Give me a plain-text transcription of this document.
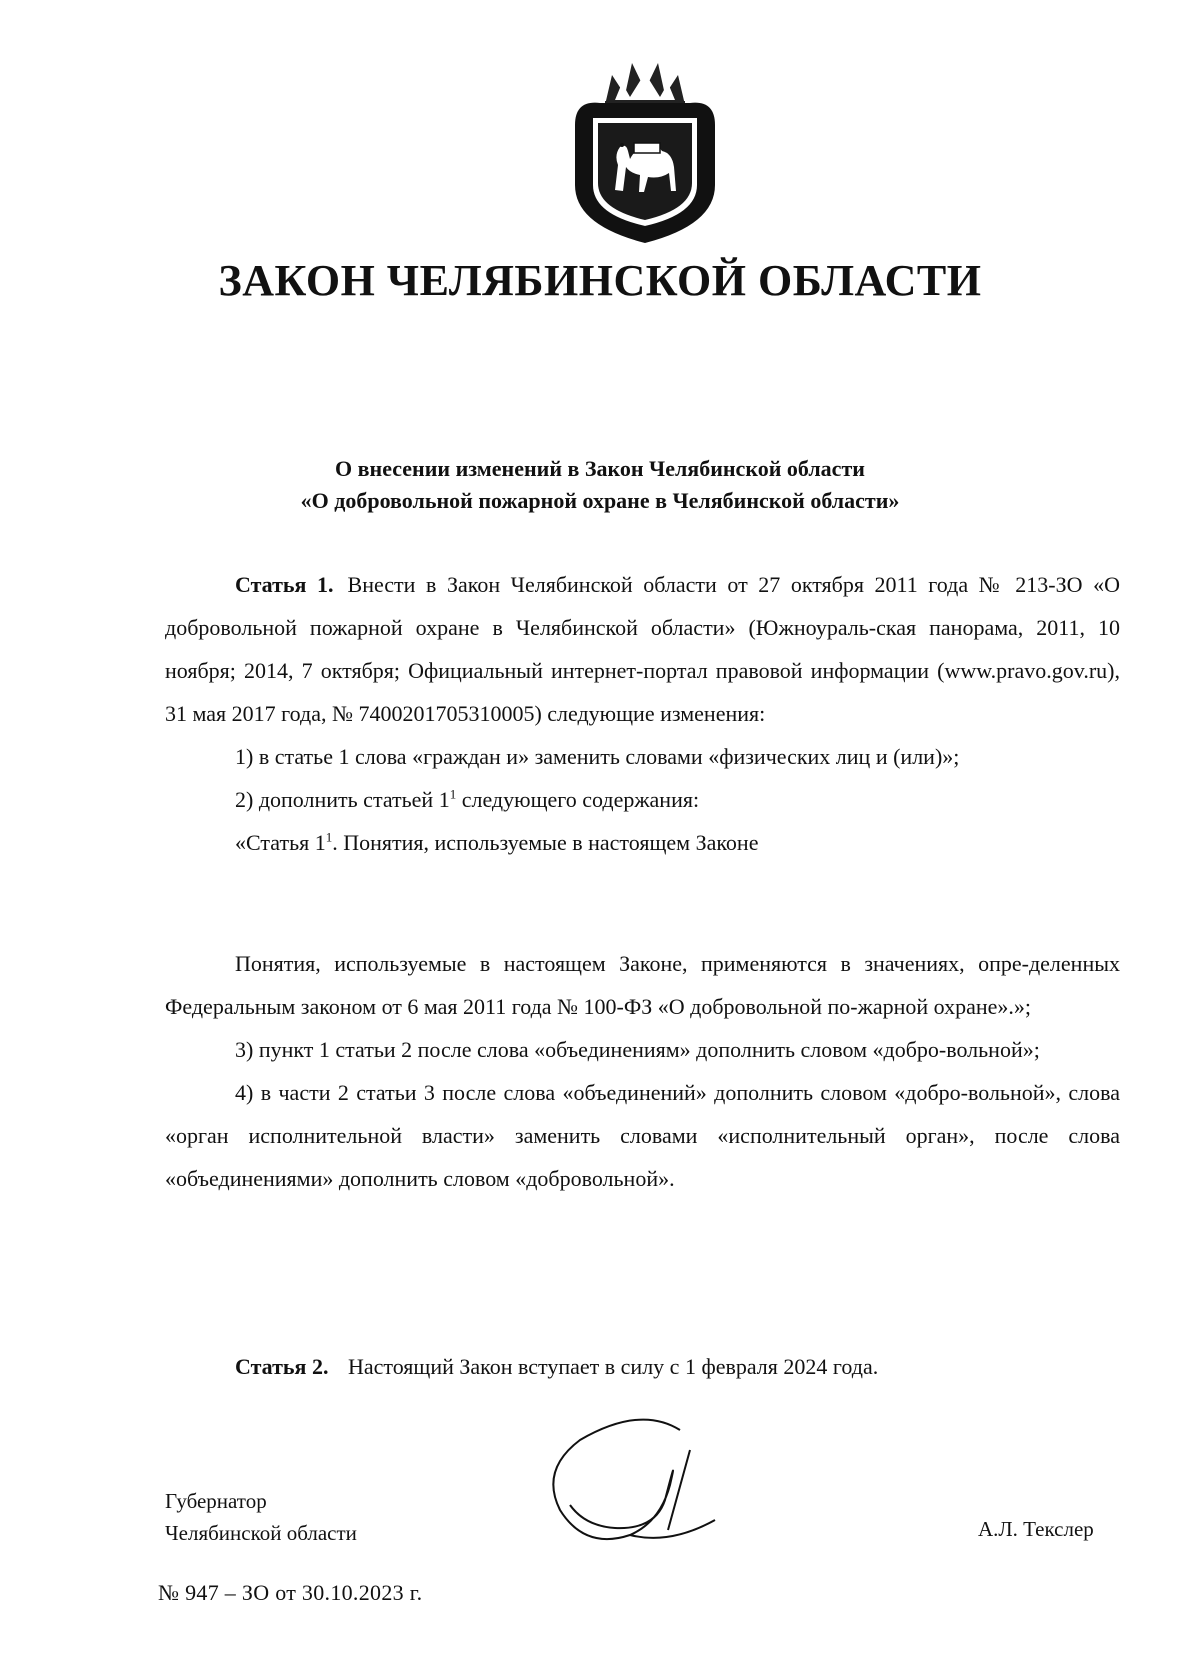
ЗАКОН ЧЕЛЯБИНСКОЙ ОБЛАСТИ
О внесении изменений в Закон Челябинской области
«О добровольной пожарной охране в Челябинской области»

Статья 1. Внести в Закон Челябинской области от 27 октября 2011 года № 213-ЗО «О добровольной пожарной охране в Челябинской области» (Южноураль-ская панорама, 2011, 10 ноября; 2014, 7 октября; Официальный интернет-портал правовой информации (www.pravo.gov.ru), 31 мая 2017 года, № 7400201705310005) следующие изменения:

1) в статье 1 слова «граждан и» заменить словами «физических лиц и (или)»;

2) дополнить статьей $1^1$ следующего содержания:

«Статья $1^1$. Понятия, используемые в настоящем Законе

Понятия, используемые в настоящем Законе, применяются в значениях, опре-деленных Федеральным законом от 6 мая 2011 года № 100-ФЗ «О добровольной по-жарной охране».»;

3) пункт 1 статьи 2 после слова «объединениям» дополнить словом «добро-вольной»;

4) в части 2 статьи 3 после слова «объединений» дополнить словом «добро-вольной», слова «орган исполнительной власти» заменить словами «исполнительный орган», после слова «объединениями» дополнить словом «добровольной».

Статья 2. Настоящий Закон вступает в силу с 1 февраля 2024 года.
Губернатор
Челябинской области	А.Л. Текслер
№ 947 – ЗО от 30.10.2023 г.
